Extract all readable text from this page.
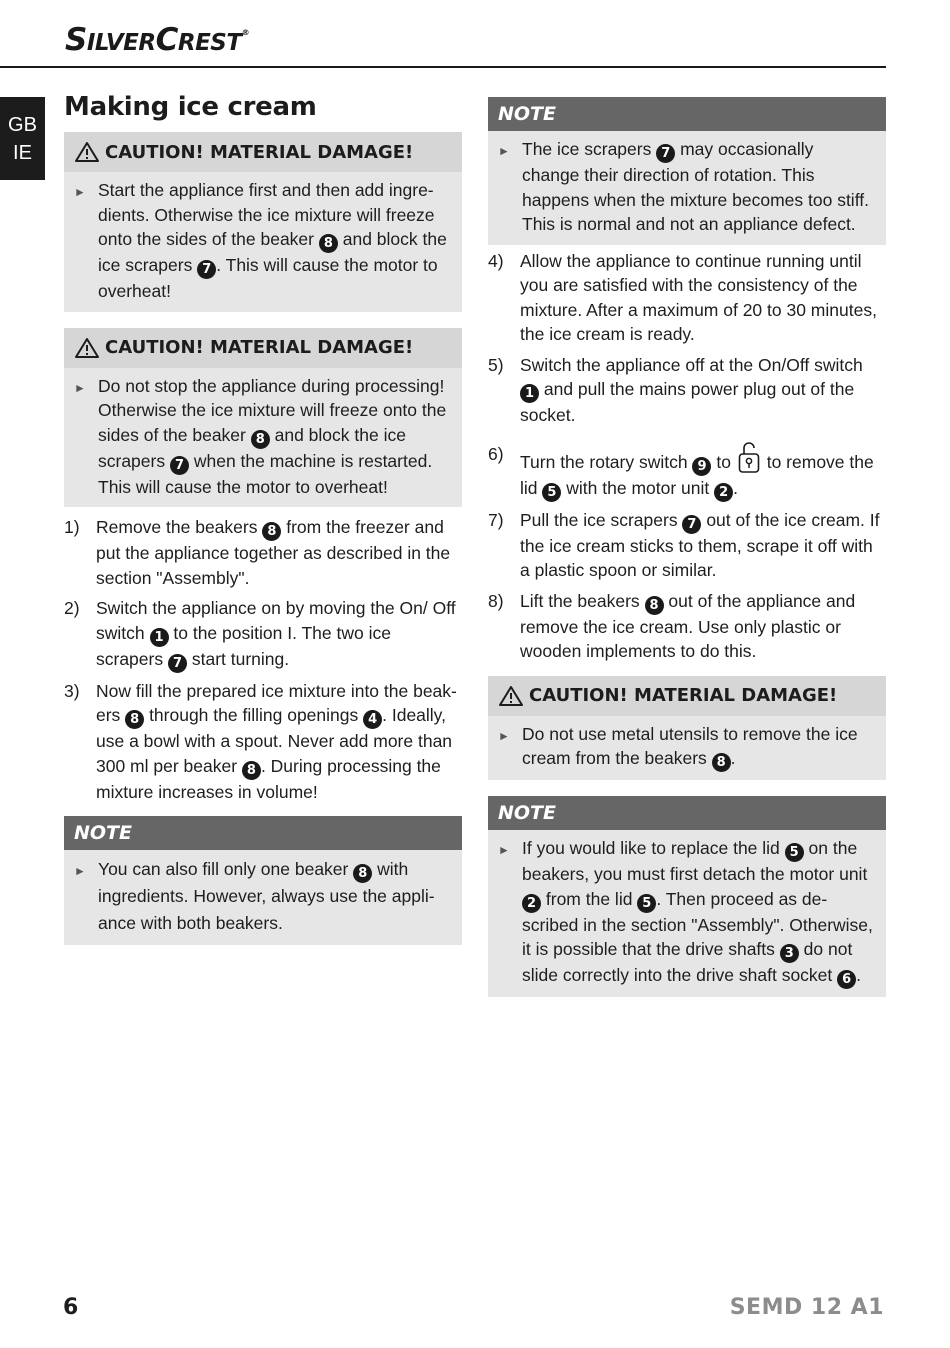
SILVERCREST®
GB
IE
Making ice cream
CAUTION! MATERIAL DAMAGE!
► Start the appliance first and then add ingre-dients. Otherwise the ice mixture will freeze onto the sides of the beaker 8 and block the ice scrapers 7 . This will cause the motor to overheat!
CAUTION! MATERIAL DAMAGE!
► Do not stop the appliance during processing! Otherwise the ice mixture will freeze onto the sides of the beaker 8 and block the ice scrapers 7 when the machine is restarted. This will cause the motor to overheat!
1) Remove the beakers 8 from the freezer and put the appliance together as described in the section "Assembly".
2) Switch the appliance on by moving the On/ Off switch 1 to the position I. The two ice scrapers 7 start turning.
3) Now fill the prepared ice mixture into the beak-ers 8 through the filling openings 4 . Ideally, use a bowl with a spout. Never add more than 300 ml per beaker 8 . During processing the mixture increases in volume!
NOTE
► You can also fill only one beaker 8 with ingredients. However, always use the appli-ance with both beakers.
NOTE
► The ice scrapers 7 may occasionally change their direction of rotation. This happens when the mixture becomes too stiff. This is normal and not an appliance defect.
4) Allow the appliance to continue running until you are satisfied with the consistency of the mixture. After a maximum of 20 to 30 minutes, the ice cream is ready.
5) Switch the appliance off at the On/Off switch 1 and pull the mains power plug out of the socket.
6) Turn the rotary switch 9 to to remove the lid 5 with the motor unit 2 .
7) Pull the ice scrapers 7 out of the ice cream. If the ice cream sticks to them, scrape it off with a plastic spoon or similar.
8) Lift the beakers 8 out of the appliance and remove the ice cream. Use only plastic or wooden implements to do this.
CAUTION! MATERIAL DAMAGE!
► Do not use metal utensils to remove the ice cream from the beakers 8 .
NOTE
► If you would like to replace the lid 5 on the beakers, you must first detach the motor unit 2 from the lid 5 . Then proceed as de-scribed in the section "Assembly". Otherwise, it is possible that the drive shafts 3 do not slide correctly into the drive shaft socket 6 .
6	SEMD 12 A1
